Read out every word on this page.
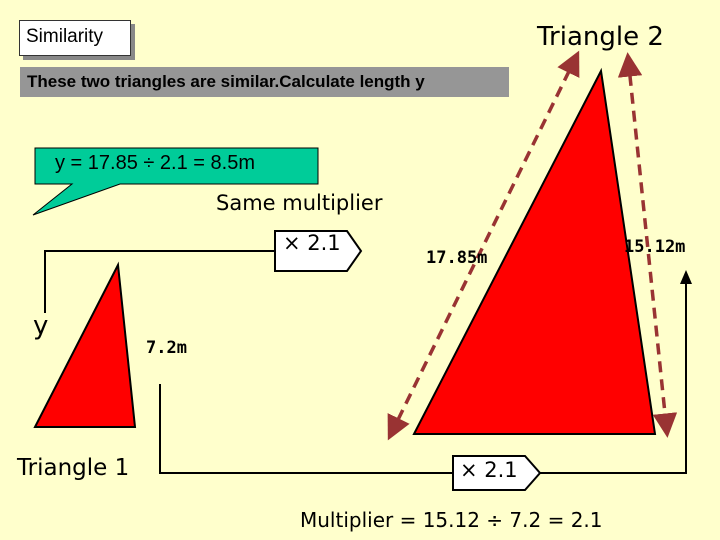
Similarity
These two triangles are similar.Calculate length y
Triangle 2
Triangle 1
y
y = 17.85 ÷ 2.1 = 8.5m
Same multiplier
× 2.1
17.85m
15.12m
7.2m
× 2.1
Multiplier = 15.12 ÷ 7.2 = 2.1
